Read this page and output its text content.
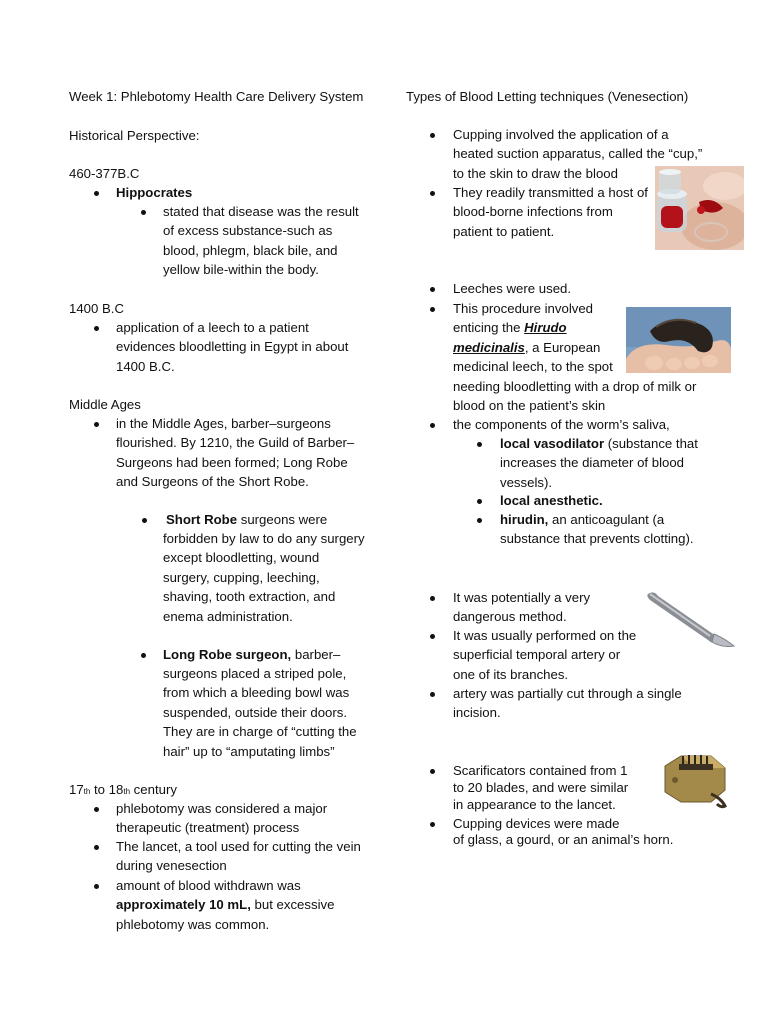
Week 1: Phlebotomy Health Care Delivery System
Historical Perspective:
460-377B.C
Hippocrates
stated that disease was the result
of excess substance-such as
blood, phlegm, black bile, and
yellow bile-within the body.
1400 B.C
application of a leech to a patient
evidences bloodletting in Egypt in about
1400 B.C.
Middle Ages
in the Middle Ages, barber–surgeons
flourished. By 1210, the Guild of Barber–
Surgeons had been formed; Long Robe
and Surgeons of the Short Robe.
Short Robe surgeons were
forbidden by law to do any surgery
except bloodletting, wound
surgery, cupping, leeching,
shaving, tooth extraction, and
enema administration.
Long Robe surgeon, barber–
surgeons placed a striped pole,
from which a bleeding bowl was
suspended, outside their doors.
They are in charge of “cutting the
hair” up to “amputating limbs”
17th to 18th century
phlebotomy was considered a major
therapeutic (treatment) process
The lancet, a tool used for cutting the vein
during venesection
amount of blood withdrawn was
approximately 10 mL, but excessive
phlebotomy was common.
Types of Blood Letting techniques (Venesection)
Cupping involved the application of a
heated suction apparatus, called the “cup,”
to the skin to draw the blood
They readily transmitted a host of
blood-borne infections from
patient to patient.
Leeches were used.
This procedure involved
enticing the Hirudo
medicinalis, a European
medicinal leech, to the spot
needing bloodletting with a drop of milk or
blood on the patient’s skin
the components of the worm’s saliva,
local vasodilator (substance that
increases the diameter of blood
vessels).
local anesthetic.
hirudin, an anticoagulant (a
substance that prevents clotting).
It was potentially a very
dangerous method.
It was usually performed on the
superficial temporal artery or
one of its branches.
artery was partially cut through a single
incision.
Scarificators contained from 1
to 20 blades, and were similar
in appearance to the lancet.
Cupping devices were made
of glass, a gourd, or an animal’s horn.
